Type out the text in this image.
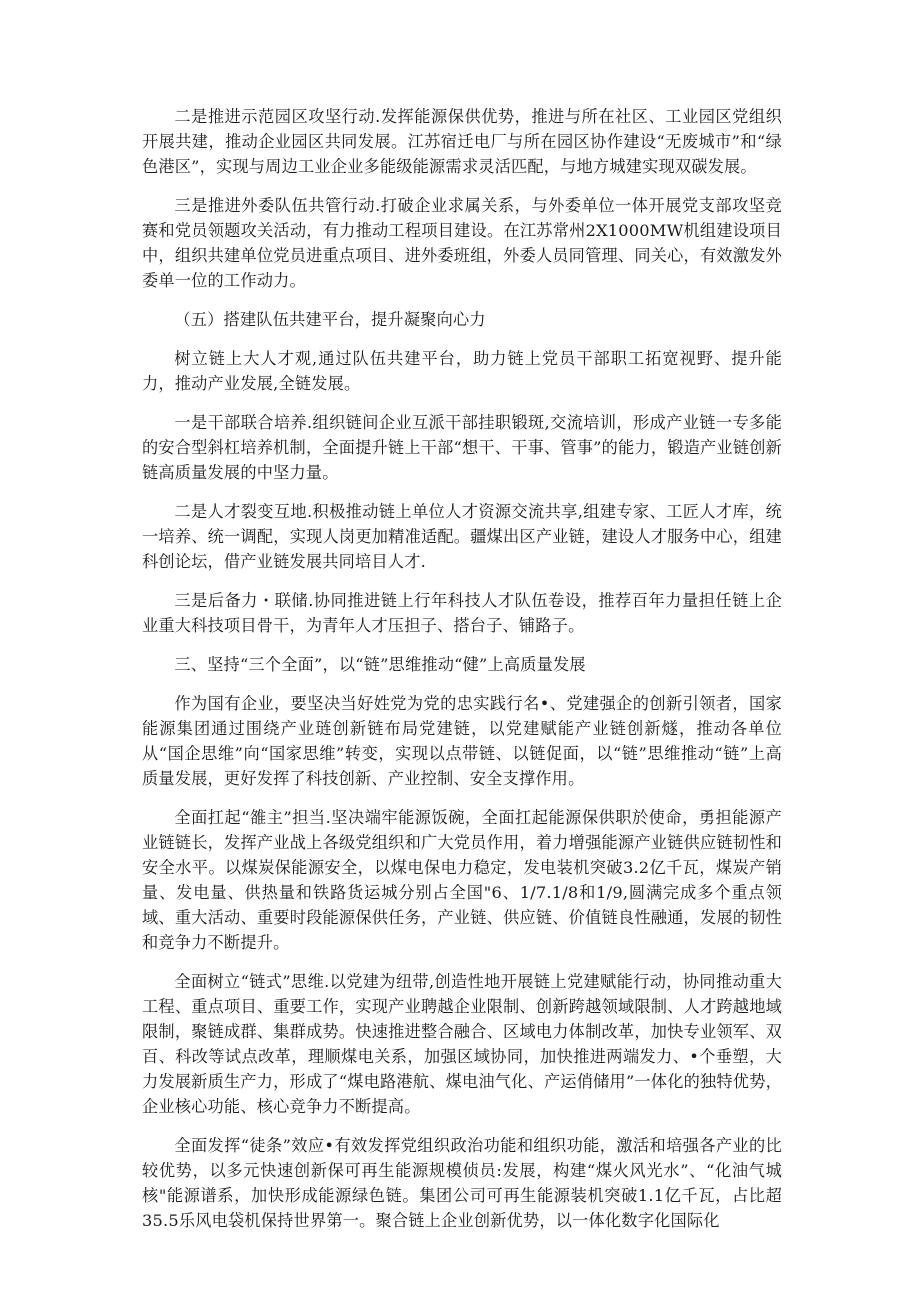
二是推进示范园区攻坚行动.发挥能源保供优势，推进与所在社区、工业园区党组织开展共建，推动企业园区共同发展。江苏宿迁电厂与所在园区协作建设“无废城市”和“绿色港区”，实现与周边工业企业多能级能源需求灵活匹配，与地方城建实现双碳发展。

三是推进外委队伍共管行动.打破企业求属关系，与外委单位一体开展党支部攻坚竞赛和党员领题攻关活动，有力推动工程项目建设。在江苏常州2X1000MW机组建设项目中，组织共建单位党员进重点项目、进外委班组，外委人员同管理、同关心，有效激发外委单一位的工作动力。

（五）搭建队伍共建平台，提升凝聚向心力

树立链上大人才观,通过队伍共建平台，助力链上党员干部职工拓宽视野、提升能力，推动产业发展,全链发展。

一是干部联合培养.组织链间企业互派干部挂职锻斑,交流培训，形成产业链一专多能的安合型斜杠培养机制，全面提升链上干部“想干、干事、管事”的能力，锻造产业链创新链高质量发展的中坚力量。

二是人才裂变互地.积极推动链上单位人才资源交流共享,组建专家、工匠人才库，统一培养、统一调配，实现人岗更加精准适配。疆煤出区产业链，建设人才服务中心，组建科创论坛，借产业链发展共同培目人才.

三是后备力・联储.协同推进链上行年科技人才队伍卷设，推荐百年力量担任链上企业重大科技项目骨干，为青年人才压担子、搭台子、铺路子。

三、坚持“三个全面”，以“链”思维推动“健”上高质量发展

作为国有企业，要坚决当好姓党为党的忠实践行名•、党建强企的创新引领者，国家能源集团通过围绕产业琏创新链布局党建链，以党建赋能产业链创新燧，推动各单位从“国企思维”向“国家思维”转变，实现以点带链、以链促面，以“链”思维推动“链”上高质量发展，更好发挥了科技创新、产业控制、安全支撑作用。

全面扛起“雒主”担当.坚决端牢能源饭碗，全面扛起能源保供职於使命，勇担能源产业链链长，发挥产业战上各级党组织和广大党员作用，着力增强能源产业链供应链韧性和安全水平。以煤炭保能源安全，以煤电保电力稳定，发电装机突破3.2亿千瓦，煤炭产销量、发电量、供热量和铁路货运城分别占全国"6、1/7.1/8和1/9,圆满完成多个重点领域、重大活动、重要时段能源保供任务，产业链、供应链、价值链良性融通，发展的韧性和竞争力不断提升。

全面树立“链式”思维.以党建为纽带,创造性地开展链上党建赋能行动，协同推动重大工程、重点项目、重要工作，实现产业聘越企业限制、创新跨越领域限制、人才跨越地域限制，聚链成群、集群成势。快速推进整合融合、区域电力体制改革，加快专业领军、双百、科改等试点改革，理顺煤电关系，加强区域协同，加快推进两端发力、•个垂塑，大力发展新质生产力，形成了“煤电路港航、煤电油气化、产运俏储用”一体化的独特优势，企业核心功能、核心竞争力不断提高。

全面发挥“徒条”效应•有效发挥党组织政治功能和组织功能，激活和培强各产业的比较优势，以多元快速创新保可再生能源规模侦员:发展，构建“煤火风光水”、“化油气城核"能源谱系，加快形成能源绿色链。集团公司可再生能源装机突破1.1亿千瓦，占比超35.5乐风电袋机保持世界第一。聚合链上企业创新优势，以一体化数字化国际化
